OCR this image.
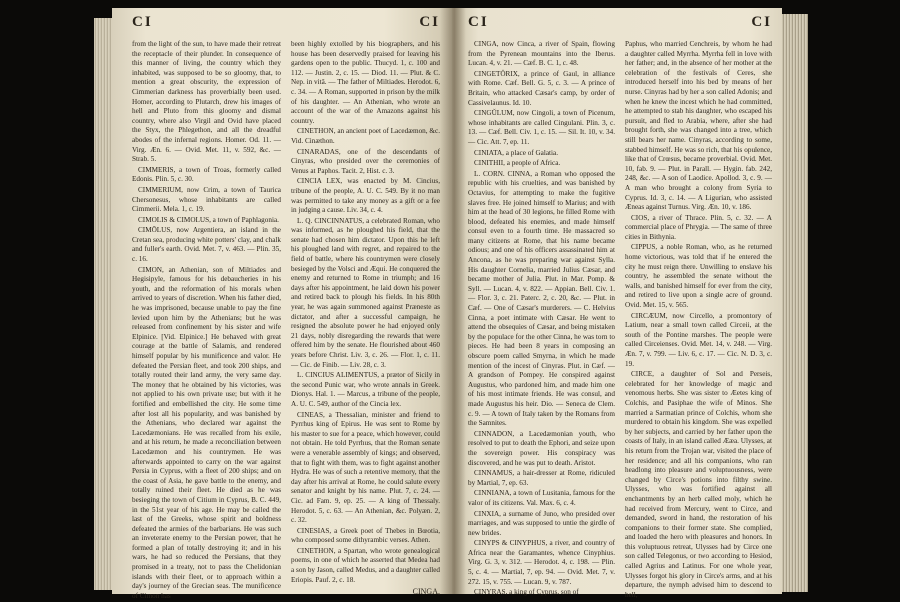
CI	CI

from the light of the sun, to have made their retreat the receptacle of their plunder. In consequence of this manner of living, the country which they inhabited, was supposed to be so gloomy, that, to mention a great obscurity, the expression of Cimmerian darkness has proverbially been used. Homer, according to Plutarch, drew his images of hell and Pluto from this gloomy and dismal country, where also Virgil and Ovid have placed the Styx, the Phlegethon, and all the dreadful abodes of the infernal regions. Homer. Od. 11. — Virg. Æn. 6. — Ovid. Met. 11, v. 592, &c. — Strab. 5.

CIMMERIS, a town of Troas, formerly called Edonis. Plin. 5, c. 30.

CIMMERIUM, now Crim, a town of Taurica Chersonesus, whose inhabitants are called Cimmerii. Mela. 1, c. 19.

CIMOLIS & CIMOLUS, a town of Paphlagonia.

CIMŌLUS, now Argentiera, an island in the Cretan sea, producing white potters' clay, and chalk and fuller's earth. Ovid. Met. 7, v. 463. — Plin. 35, c. 16.

CIMON, an Athenian, son of Miltiades and Hegisipyle, famous for his debaucheries in his youth, and the reformation of his morals when arrived to years of discretion. When his father died, he was imprisoned, because unable to pay the fine levied upon him by the Athenians; but he was released from confinement by his sister and wife Elpinice. [Vid. Elpinice.] He behaved with great courage at the battle of Salamis, and rendered himself popular by his munificence and valor. He defeated the Persian fleet, and took 200 ships, and totally routed their land army, the very same day. The money that he obtained by his victories, was not applied to his own private use; but with it he fortified and embellished the city. He some time after lost all his popularity, and was banished by the Athenians, who declared war against the Lacedæmonians. He was recalled from his exile, and at his return, he made a reconciliation between Lacedæmon and his countrymen. He was afterwards appointed to carry on the war against Persia in Cyprus, with a fleet of 200 ships; and on the coast of Asia, he gave battle to the enemy, and totally ruined their fleet. He died as he was besieging the town of Citium in Cyprus, B. C. 449, in the 51st year of his age. He may be called the last of the Greeks, whose spirit and boldness defeated the armies of the barbarians. He was such an inveterate enemy to the Persian power, that he formed a plan of totally destroying it; and in his wars, he had so reduced the Persians, that they promised in a treaty, not to pass the Chelidonian islands with their fleet, or to approach within a day's journey of the Grecian seas. The munificence of Cimon has

been highly extolled by his biographers, and his house has been deservedly praised for leaving his gardens open to the public. Thucyd. 1, c. 100 and 112. — Justin. 2, c. 15. — Diod. 11. — Plut. & C. Nep. in vitâ. — The father of Miltiades. Herodot. 6, c. 34. — A Roman, supported in prison by the milk of his daughter. — An Athenian, who wrote an account of the war of the Amazons against his country.

CINETHON, an ancient poet of Lacedæmon, &c. Vid. Cinæthon.

CINARADAS, one of the descendants of Cinyras, who presided over the ceremonies of Venus at Paphos. Tacit. 2, Hist. c. 3.

CINCIA LEX, was enacted by M. Cincius, tribune of the people, A. U. C. 549. By it no man was permitted to take any money as a gift or a fee in judging a cause. Liv. 34, c. 4.

L. Q. CINCINNATUS, a celebrated Roman, who was informed, as he ploughed his field, that the senate had chosen him dictator. Upon this he left his ploughed land with regret, and repaired to the field of battle, where his countrymen were closely besieged by the Volsci and Æqui. He conquered the enemy and returned to Rome in triumph; and 16 days after his appointment, he laid down his power and retired back to plough his fields. In his 80th year, he was again summoned against Præneste as dictator, and after a successful campaign, he resigned the absolute power he had enjoyed only 21 days, nobly disregarding the rewards that were offered him by the senate. He flourished about 460 years before Christ. Liv. 3, c. 26. — Flor. 1, c. 11. — Cic. de Finib. — Liv. 28, c. 3.

L. CINCIUS ALIMENTUS, a prætor of Sicily in the second Punic war, who wrote annals in Greek. Dionys. Hal. 1. — Marcus, a tribune of the people, A. U. C. 549, author of the Cincia lex.

CINEAS, a Thessalian, minister and friend to Pyrrhus king of Epirus. He was sent to Rome by his master to sue for a peace, which however, could not obtain. He told Pyrrhus, that the Roman senate were a venerable assembly of kings; and observed, that to fight with them, was to fight against another Hydra. He was of such a retentive memory, that the day after his arrival at Rome, he could salute every senator and knight by his name. Plut. 7, c. 24. — Cic. ad Fam. 9, ep. 25. — A king of Thessaly. Herodot. 5, c. 63. — An Athenian, &c. Polyæn. 2, c. 32.

CINESIAS, a Greek poet of Thebes in Bœotia, who composed some dithyrambic verses. Athen.

CINETHON, a Spartan, who wrote genealogical poems, in one of which he asserted that Medea had a son by Jason, called Medus, and a daughter called Eriopis. Pauf. 2, c. 18.

CINGA,
CI	CI

CINGA, now Cinca, a river of Spain, flowing from the Pyrenean mountains into the Iberus. Lucan. 4, v. 21. — Cæf. B. C. 1, c. 48.

CINGETŎRIX, a prince of Gaul, in alliance with Rome. Cæf. Bell. G. 5, c. 3. — A prince of Britain, who attacked Cæsar's camp, by order of Cassivelaunus. Id. 10.

CINGŬLUM, now Cingoli, a town of Picenum, whose inhabitants are called Cingulani. Plin. 3, c. 13. — Cæf. Bell. Civ. 1, c. 15. — Sil. It. 10, v. 34. — Cic. Att. 7, ep. 11.

CINIATA, a place of Galatia.

CINITHII, a people of Africa.

L. CORN. CINNA, a Roman who opposed the republic with his cruelties, and was banished by Octavius, for attempting to make the fugitive slaves free. He joined himself to Marius; and with him at the head of 30 legions, he filled Rome with blood, defeated his enemies, and made himself consul even to a fourth time. He massacred so many citizens at Rome, that his name became odious; and one of his officers assassinated him at Ancona, as he was preparing war against Sylla. His daughter Cornelia, married Julius Cæsar, and became mother of Julia. Plut. in Mar. Pomp. & Syll. — Lucan. 4, v. 822. — Appian. Bell. Civ. 1. — Flor. 3, c. 21. Paterc. 2, c. 20, &c. — Plut. in Cæf. — One of Cæsar's murderers. — C. Helvius Cinna, a poet intimate with Cæsar. He went to attend the obsequies of Cæsar, and being mistaken by the populace for the other Cinna, he was torn to pieces. He had been 8 years in composing an obscure poem called Smyrna, in which he made mention of the incest of Cinyras. Plut. in Cæf. — A grandson of Pompey. He conspired against Augustus, who pardoned him, and made him one of his most intimate friends. He was consul, and made Augustus his heir. Dio. — Seneca de Clem. c. 9. — A town of Italy taken by the Romans from the Samnites.

CINNADON, a Lacedæmonian youth, who resolved to put to death the Ephori, and seize upon the sovereign power. His conspiracy was discovered, and he was put to death. Aristot.

CINNAMUS, a hair-dresser at Rome, ridiculed by Martial, 7, ep. 63.

CINNIANA, a town of Lusitania, famous for the valor of its citizens. Val. Max. 6, c. 4.

CINXIA, a surname of Juno, who presided over marriages, and was supposed to untie the girdle of new brides.

CINYPS & CINYPHUS, a river, and country of Africa near the Garamantes, whence Cinyphius. Virg. G. 3, v. 312. — Herodot. 4, c. 198. — Plin. 5, c. 4. — Martial, 7, ep. 94. — Ovid. Met. 7, v. 272. 15, v. 755. — Lucan. 9, v. 787.

CINYRAS, a king of Cyprus, son of

Paphus, who married Cenchreis, by whom he had a daughter called Myrrha. Myrrha fell in love with her father; and, in the absence of her mother at the celebration of the festivals of Ceres, she introduced herself into his bed by means of her nurse. Cinyras had by her a son called Adonis; and when he knew the incest which he had committed, he attempted to stab his daughter, who escaped his pursuit, and fled to Arabia, where, after she had brought forth, she was changed into a tree, which still bears her name. Cinyras, according to some, stabbed himself. He was so rich, that his opulence, like that of Crœsus, became proverbial. Ovid. Met. 10, fab. 9. — Plut. in Parall. — Hygin. fab. 242, 248, &c. — A son of Laodice. Apollod. 3, c. 9. — A man who brought a colony from Syria to Cyprus. Id. 3, c. 14. — A Ligurian, who assisted Æneas against Turnus. Virg. Æn. 10, v. 186.

CIOS, a river of Thrace. Plin. 5, c. 32. — A commercial place of Phrygia. — The same of three cities in Bithynia.

CIPPUS, a noble Roman, who, as he returned home victorious, was told that if he entered the city he must reign there. Unwilling to enslave his country, he assembled the senate without the walls, and banished himself for ever from the city, and retired to live upon a single acre of ground. Ovid. Met. 15, v. 565.

CIRCÆUM, now Circello, a promontory of Latium, near a small town called Circeii, at the south of the Pontine marshes. The people were called Circeienses. Ovid. Met. 14, v. 248. — Virg. Æn. 7, v. 799. — Liv. 6, c. 17. — Cic. N. D. 3, c. 19.

CIRCE, a daughter of Sol and Perseis, celebrated for her knowledge of magic and venomous herbs. She was sister to Æetes king of Colchis, and Pasiphae the wife of Minos. She married a Sarmatian prince of Colchis, whom she murdered to obtain his kingdom. She was expelled by her subjects, and carried by her father upon the coasts of Italy, in an island called Ææa. Ulysses, at his return from the Trojan war, visited the place of her residence; and all his companions, who ran headlong into pleasure and voluptuousness, were changed by Circe's potions into filthy swine. Ulysses, who was fortified against all enchantments by an herb called moly, which he had received from Mercury, went to Circe, and demanded, sword in hand, the restoration of his companions to their former state. She complied, and loaded the hero with pleasures and honors. In this voluptuous retreat, Ulysses had by Circe one son called Telegonus, or two according to Hesiod, called Agrius and Latinus. For one whole year, Ulysses forgot his glory in Circe's arms, and at his departure, the nymph advised him to descend to hell,
